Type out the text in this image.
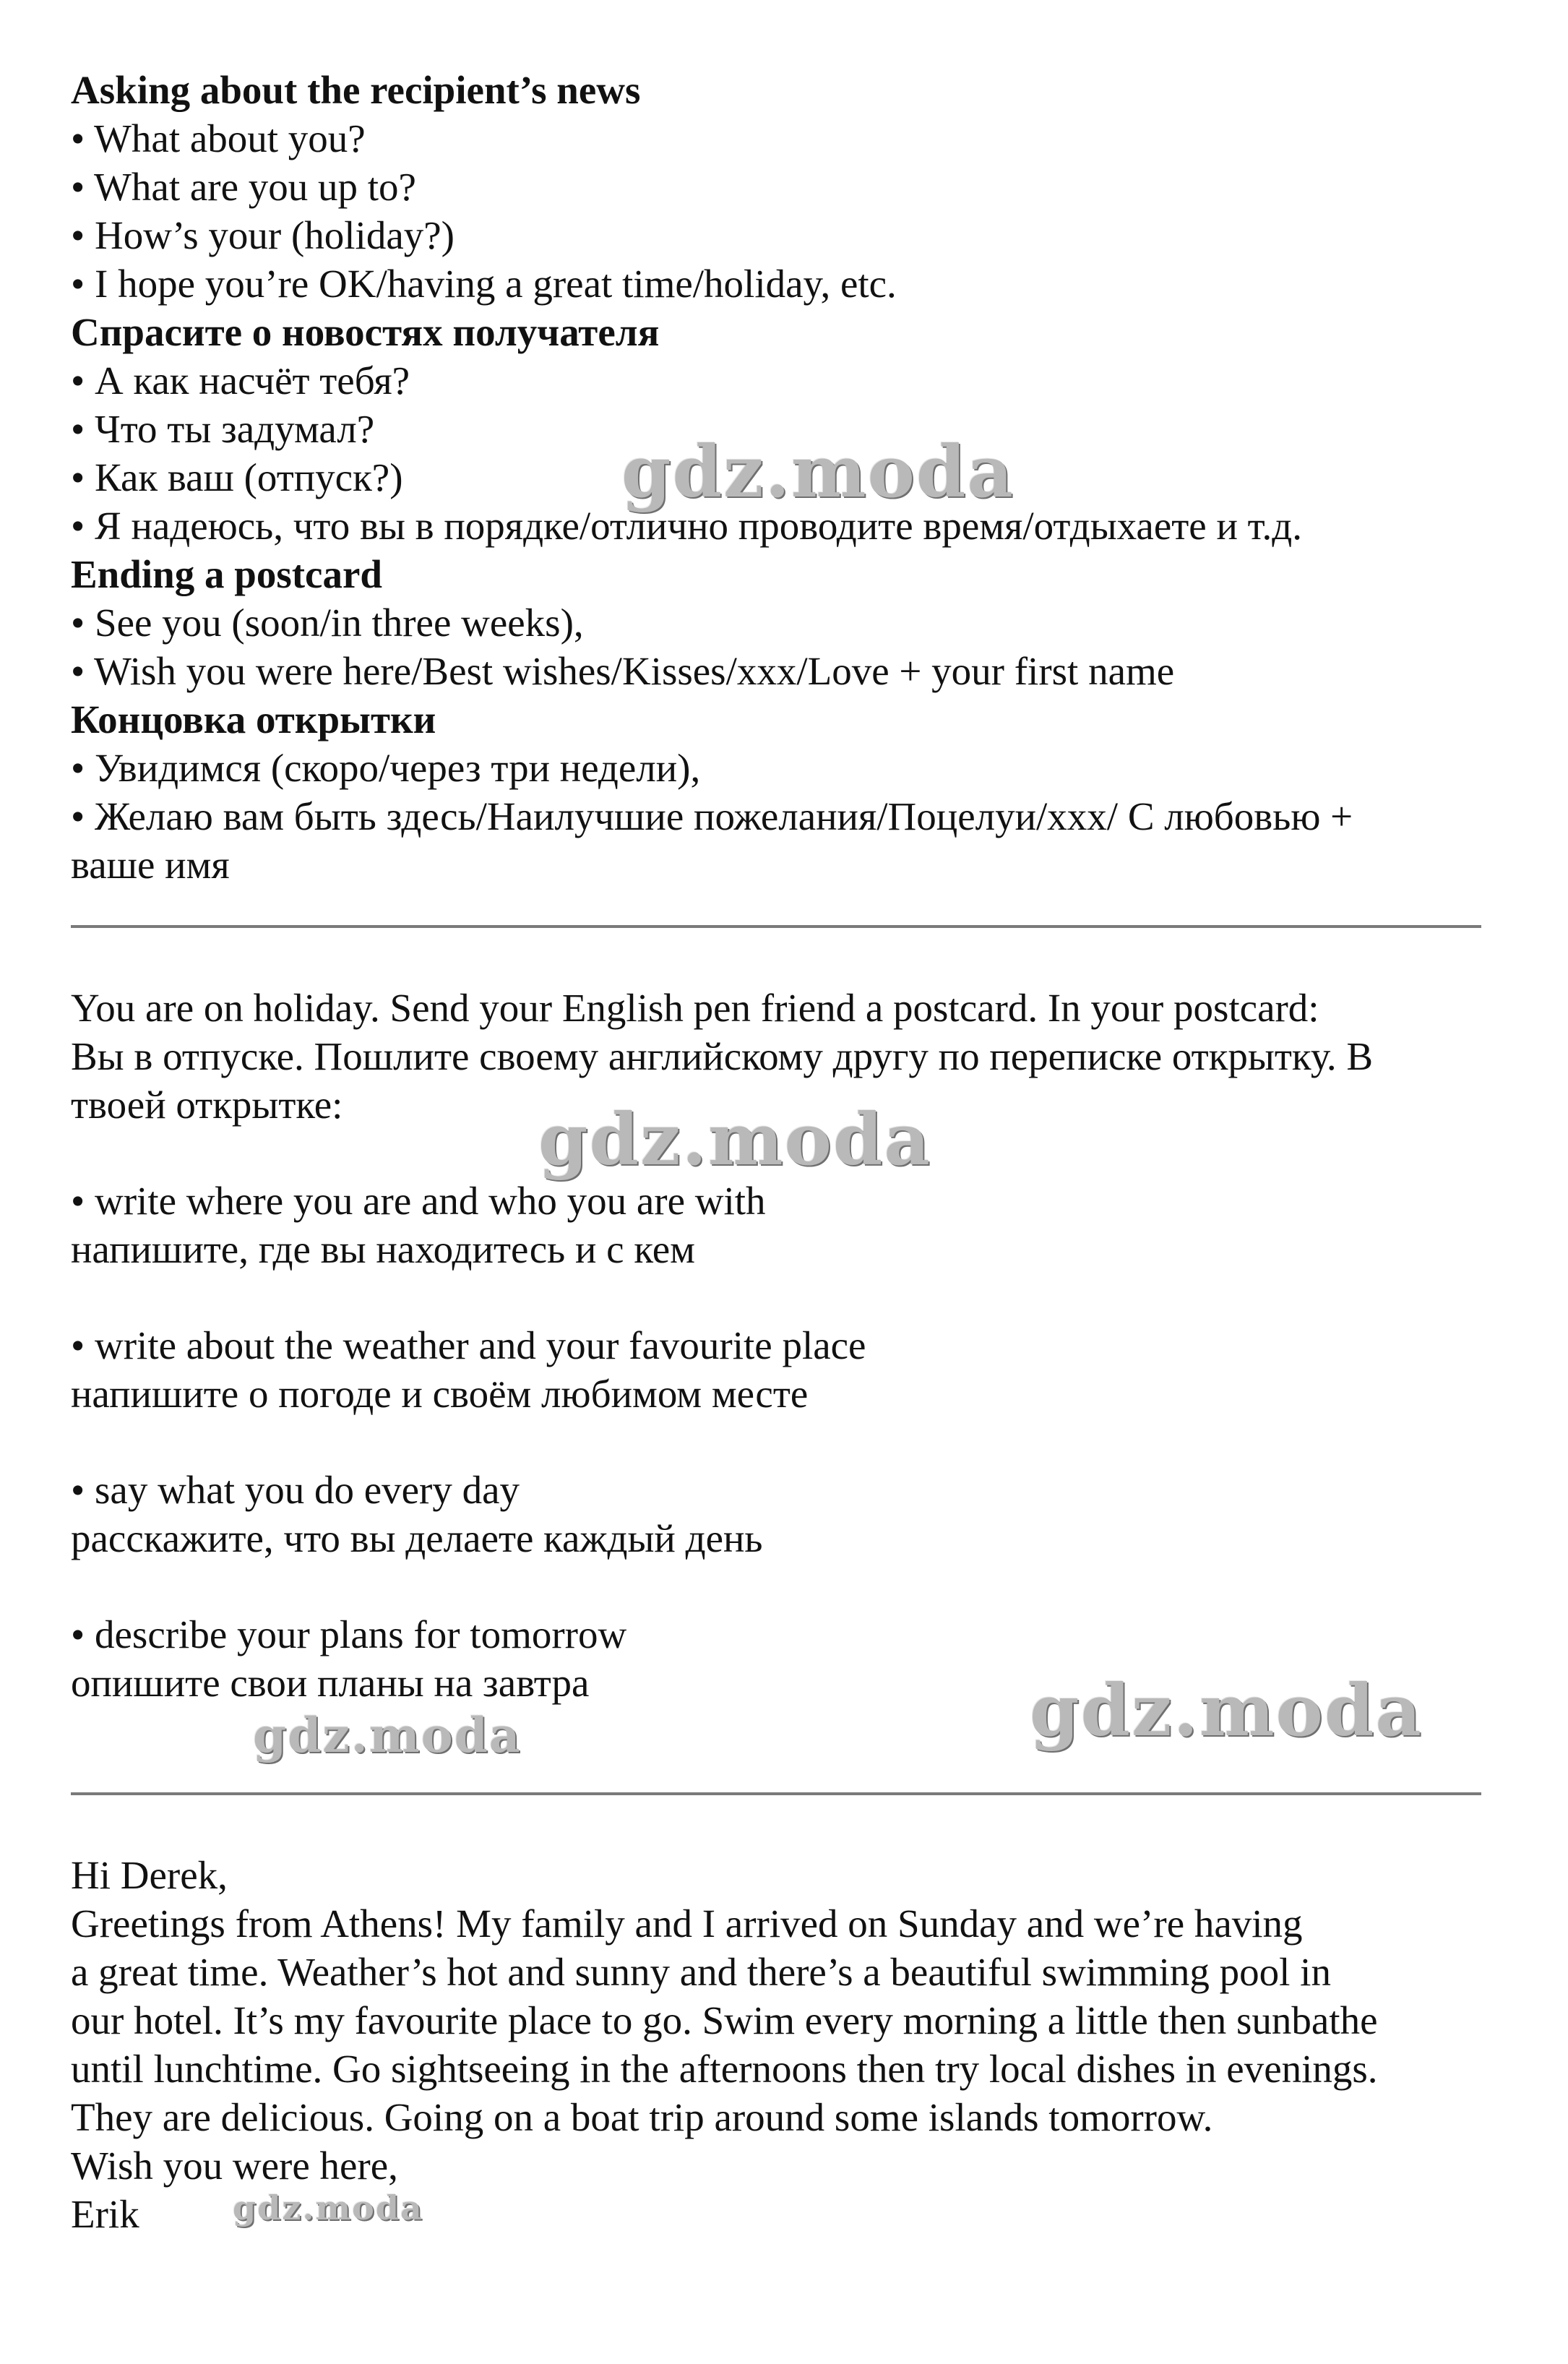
Asking about the recipient’s news
• What about you?
• What are you up to?
• How’s your (holiday?)
• I hope you’re OK/having a great time/holiday, etc.
Спрасите о новостях получателя
• А как насчёт тебя?
• Что ты задумал?
• Как ваш (отпуск?)
• Я надеюсь, что вы в порядке/отлично проводите время/отдыхаете и т.д.
Ending a postcard
• See you (soon/in three weeks),
• Wish you were here/Best wishes/Kisses/xxx/Love + your first name
Концовка открытки
• Увидимся (скоро/через три недели),
• Желаю вам быть здесь/Наилучшие пожелания/Поцелуи/xxx/ С любовью +
ваше имя
You are on holiday. Send your English pen friend a postcard. In your postcard:
Вы в отпуске. Пошлите своему английскому другу по переписке открытку. В
твоей открытке:
• write where you are and who you are with
напишите, где вы находитесь и с кем
• write about the weather and your favourite place
напишите о погоде и своём любимом месте
• say what you do every day
расскажите, что вы делаете каждый день
• describe your plans for tomorrow
опишите свои планы на завтра
Hi Derek,
Greetings from Athens! My family and I arrived on Sunday and we’re having
a great time. Weather’s hot and sunny and there’s a beautiful swimming pool in
our hotel. It’s my favourite place to go. Swim every morning a little then sunbathe
until lunchtime. Go sightseeing in the afternoons then try local dishes in evenings.
They are delicious. Going on a boat trip around some islands tomorrow.
Wish you were here,
Erik
gdz.moda
gdz.moda
gdz.moda
gdz.moda
gdz.moda
